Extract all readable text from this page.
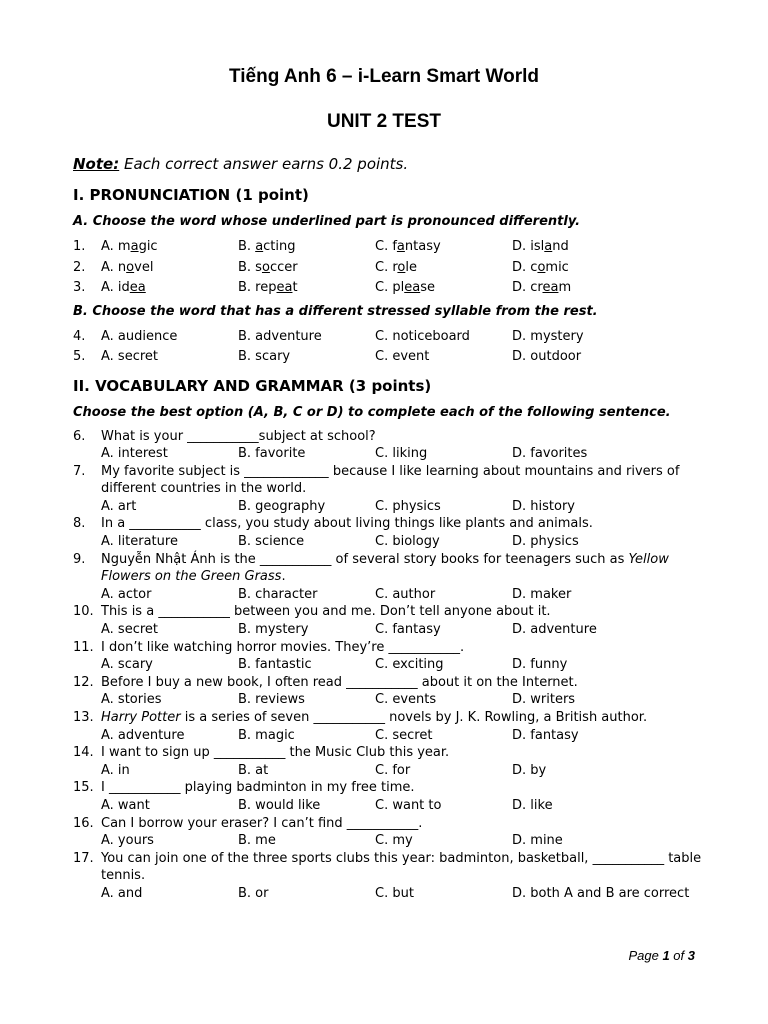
Tiếng Anh 6 – i-Learn Smart World
UNIT 2 TEST
Note: Each correct answer earns 0.2 points.
I. PRONUNCIATION (1 point)
A. Choose the word whose underlined part is pronounced differently.
1.	A. magic	B. acting	C. fantasy	D. island
2.	A. novel	B. soccer	C. role	D. comic
3.	A. idea	B. repeat	C. please	D. cream
B. Choose the word that has a different stressed syllable from the rest.
4.	A. audience	B. adventure	C. noticeboard	D. mystery
5.	A. secret	B. scary	C. event	D. outdoor
II. VOCABULARY AND GRAMMAR (3 points)
Choose the best option (A, B, C or D) to complete each of the following sentence.
6.	What is your ___________subject at school?
A. interest	B. favorite	C. liking	D. favorites
7.	My favorite subject is _____________ because I like learning about mountains and rivers of different countries in the world.
A. art	B. geography	C. physics	D. history
8.	In a ___________ class, you study about living things like plants and animals.
A. literature	B. science	C. biology	D. physics
9.	Nguyễn Nhật Ánh is the ___________ of several story books for teenagers such as Yellow Flowers on the Green Grass.
A. actor	B. character	C. author	D. maker
10. This is a ___________ between you and me. Don’t tell anyone about it.
A. secret	B. mystery	C. fantasy	D. adventure
11. I don’t like watching horror movies. They’re ___________.
A. scary	B. fantastic	C. exciting	D. funny
12. Before I buy a new book, I often read ___________ about it on the Internet.
A. stories	B. reviews	C. events	D. writers
13. Harry Potter is a series of seven ___________ novels by J. K. Rowling, a British author.
A. adventure	B. magic	C. secret	D. fantasy
14. I want to sign up ___________ the Music Club this year.
A. in	B. at	C. for	D. by
15. I ___________ playing badminton in my free time.
A. want	B. would like	C. want to	D. like
16. Can I borrow your eraser? I can’t find ___________.
A. yours	B. me	C. my	D. mine
17. You can join one of the three sports clubs this year: badminton, basketball, ___________ table tennis.
A. and	B. or	C. but	D. both A and B are correct
Page 1 of 3
